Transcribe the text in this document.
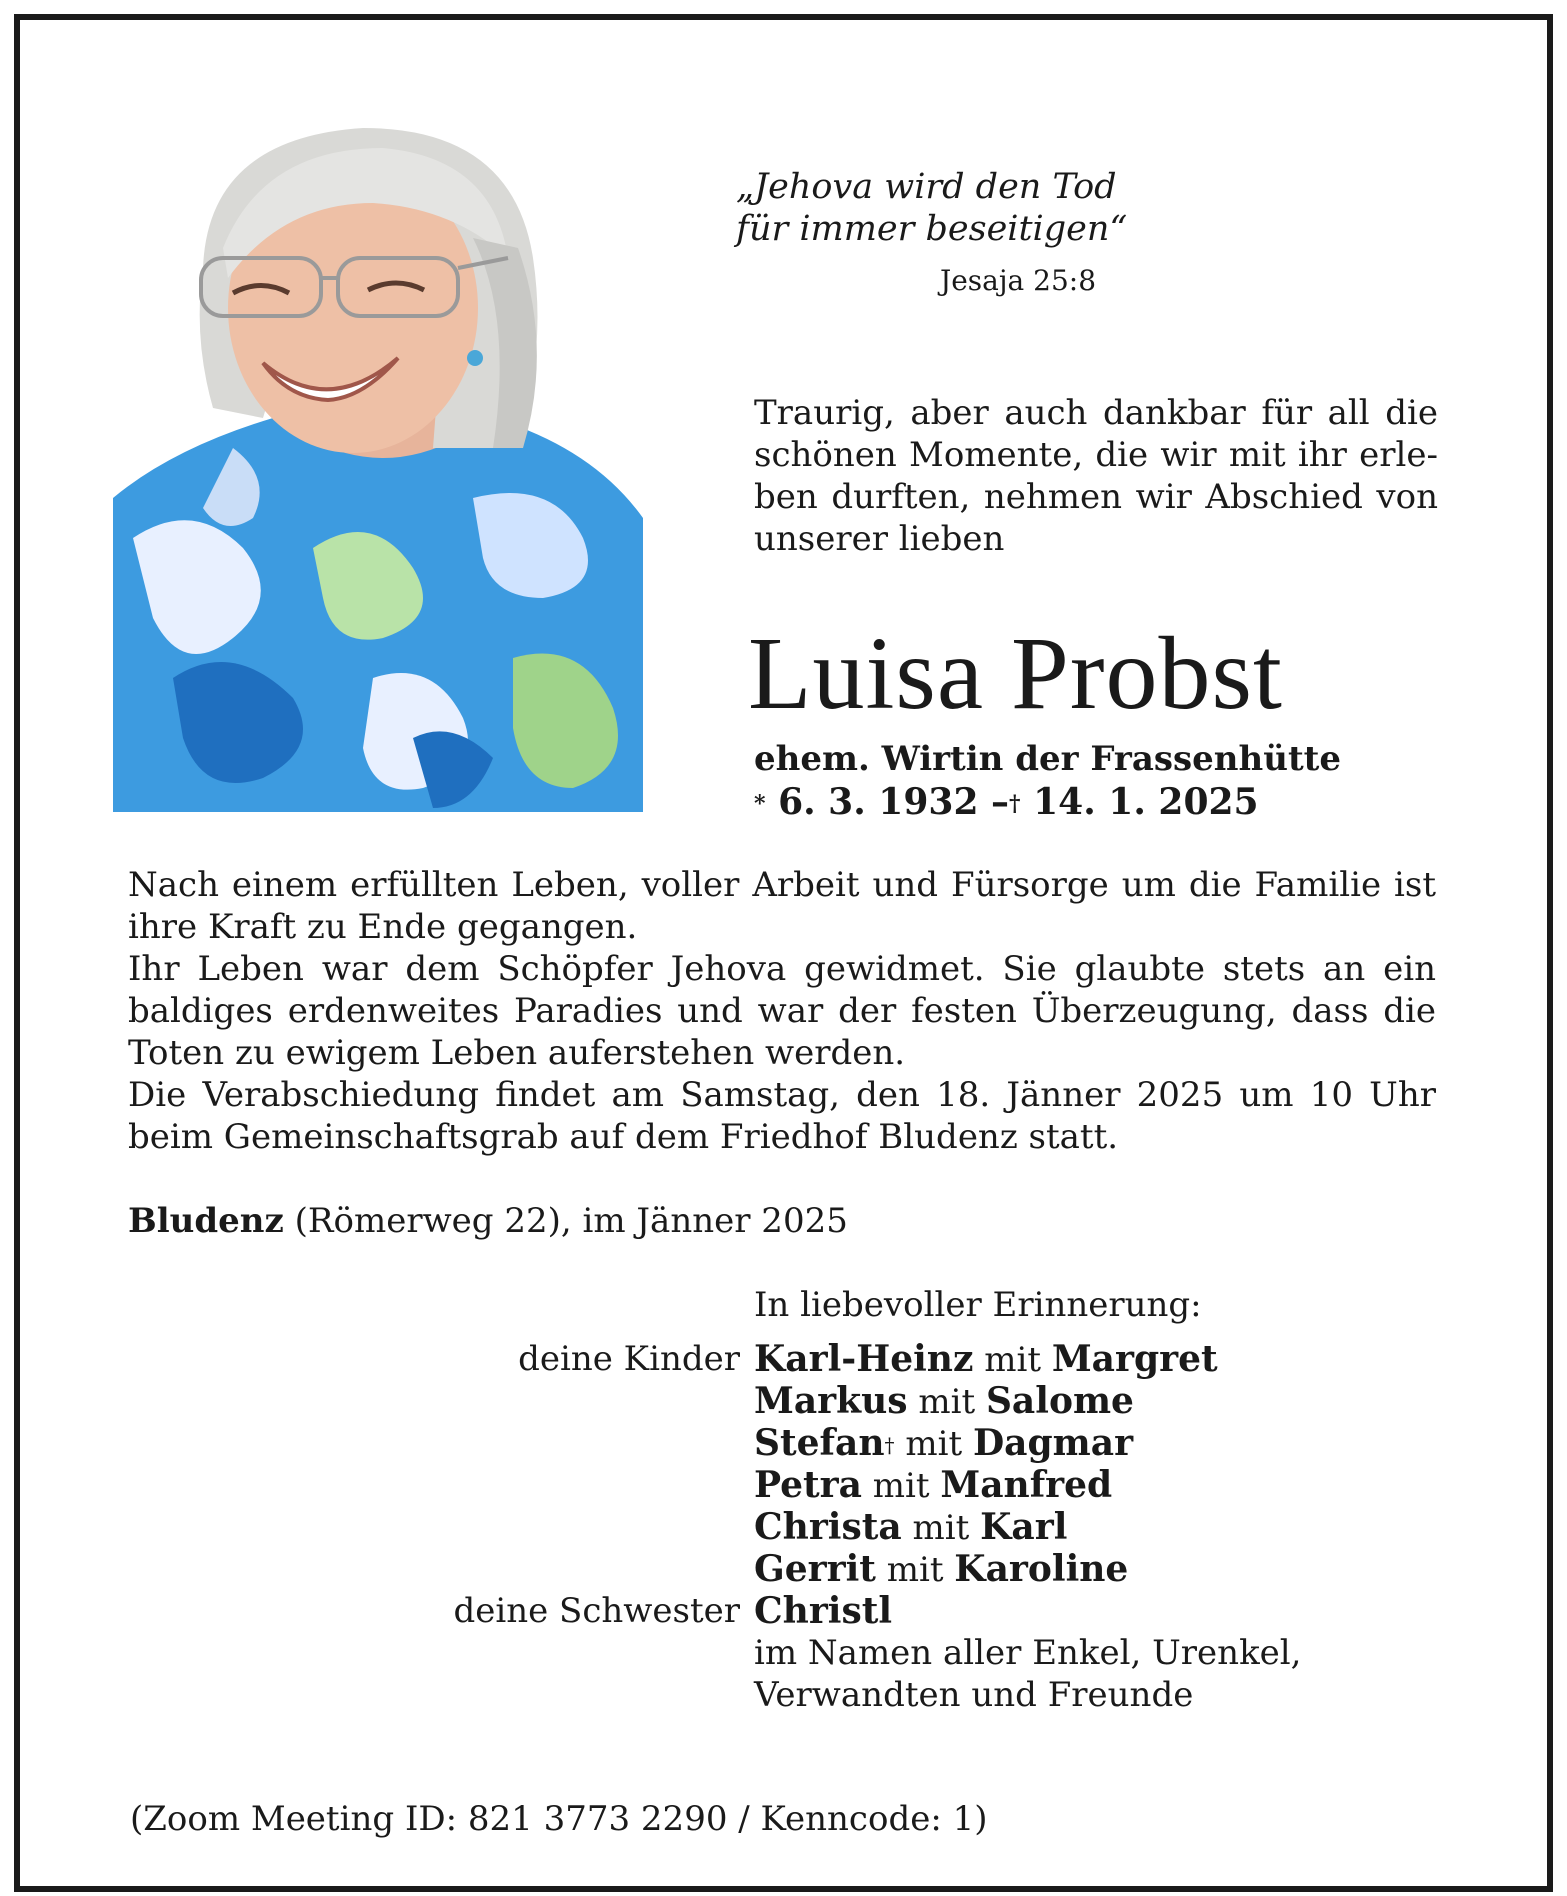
„Jehova wird den Tod
für immer beseitigen“
Jesaja 25:8
Traurig, aber auch dankbar für all die schönen Momente, die wir mit ihr erleben durften, nehmen wir Abschied von unserer lieben
Luisa Probst
ehem. Wirtin der Frassenhütte
* 6. 3. 1932 –† 14. 1. 2025

Nach einem erfüllten Leben, voller Arbeit und Fürsorge um die Familie ist ihre Kraft zu Ende gegangen.

Ihr Leben war dem Schöpfer Jehova gewidmet. Sie glaubte stets an ein baldiges erdenweites Paradies und war der festen Überzeugung, dass die Toten zu ewigem Leben auferstehen werden.

Die Verabschiedung findet am Samstag, den 18. Jänner 2025 um 10 Uhr beim Gemeinschaftsgrab auf dem Friedhof Bludenz statt.

Bludenz (Römerweg 22), im Jänner 2025
In liebevoller Erinnerung:
deine Kinder Karl-Heinz mit Margret
Markus mit Salome
Stefan† mit Dagmar
Petra mit Manfred
Christa mit Karl
Gerrit mit Karoline
deine Schwester Christl
im Namen aller Enkel, Urenkel,
Verwandten und Freunde
(Zoom Meeting ID: 821 3773 2290 / Kenncode: 1)
